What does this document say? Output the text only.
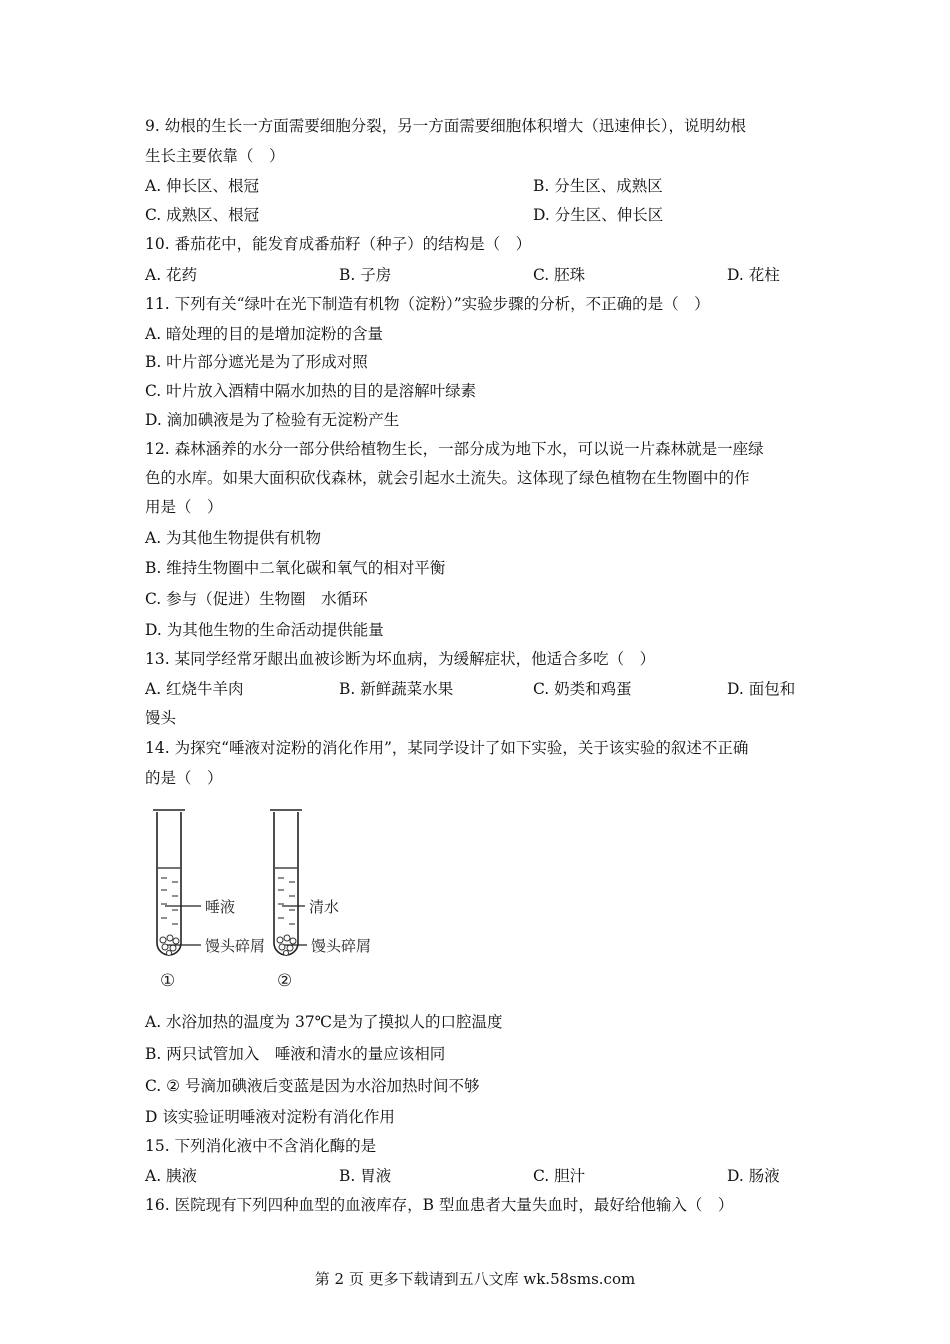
9. 幼根的生长一方面需要细胞分裂，另一方面需要细胞体积增大（迅速伸长），说明幼根
生长主要依靠（　）
A. 伸长区、根冠	B. 分生区、成熟区
C. 成熟区、根冠	D. 分生区、伸长区
10. 番茄花中，能发育成番茄籽（种子）的结构是（　）
A. 花药	B. 子房	C. 胚珠	D. 花柱
11. 下列有关“绿叶在光下制造有机物（淀粉）”实验步骤的分析，不正确的是（　）
A. 暗处理的目的是增加淀粉的含量
B. 叶片部分遮光是为了形成对照
C. 叶片放入酒精中隔水加热的目的是溶解叶绿素
D. 滴加碘液是为了检验有无淀粉产生
12. 森林涵养的水分一部分供给植物生长，一部分成为地下水，可以说一片森林就是一座绿
色的水库。如果大面积砍伐森林，就会引起水土流失。这体现了绿色植物在生物圈中的作
用是（　）
A. 为其他生物提供有机物
B. 维持生物圈中二氧化碳和氧气的相对平衡
C. 参与（促进）生物圈　水循环
D. 为其他生物的生命活动提供能量
13. 某同学经常牙龈出血被诊断为坏血病，为缓解症状，他适合多吃（　）
A. 红烧牛羊肉	B. 新鲜蔬菜水果	C. 奶类和鸡蛋	D. 面包和
馒头
14. 为探究“唾液对淀粉的消化作用”，某同学设计了如下实验，关于该实验的叙述不正确
的是（　）
唾液
馒头碎屑
清水
馒头碎屑
①	②
A. 水浴加热的温度为 37℃是为了摸拟人的口腔温度
B. 两只试管加入　唾液和清水的量应该相同
C. ② 号滴加碘液后变蓝是因为水浴加热时间不够
D 该实验证明唾液对淀粉有消化作用
15. 下列消化液中不含消化酶的是
A. 胰液	B. 胃液	C. 胆汁	D. 肠液
16. 医院现有下列四种血型的血液库存，B 型血患者大量失血时，最好给他输入（　）
第 2 页 更多下载请到五八文库 wk.58sms.com
